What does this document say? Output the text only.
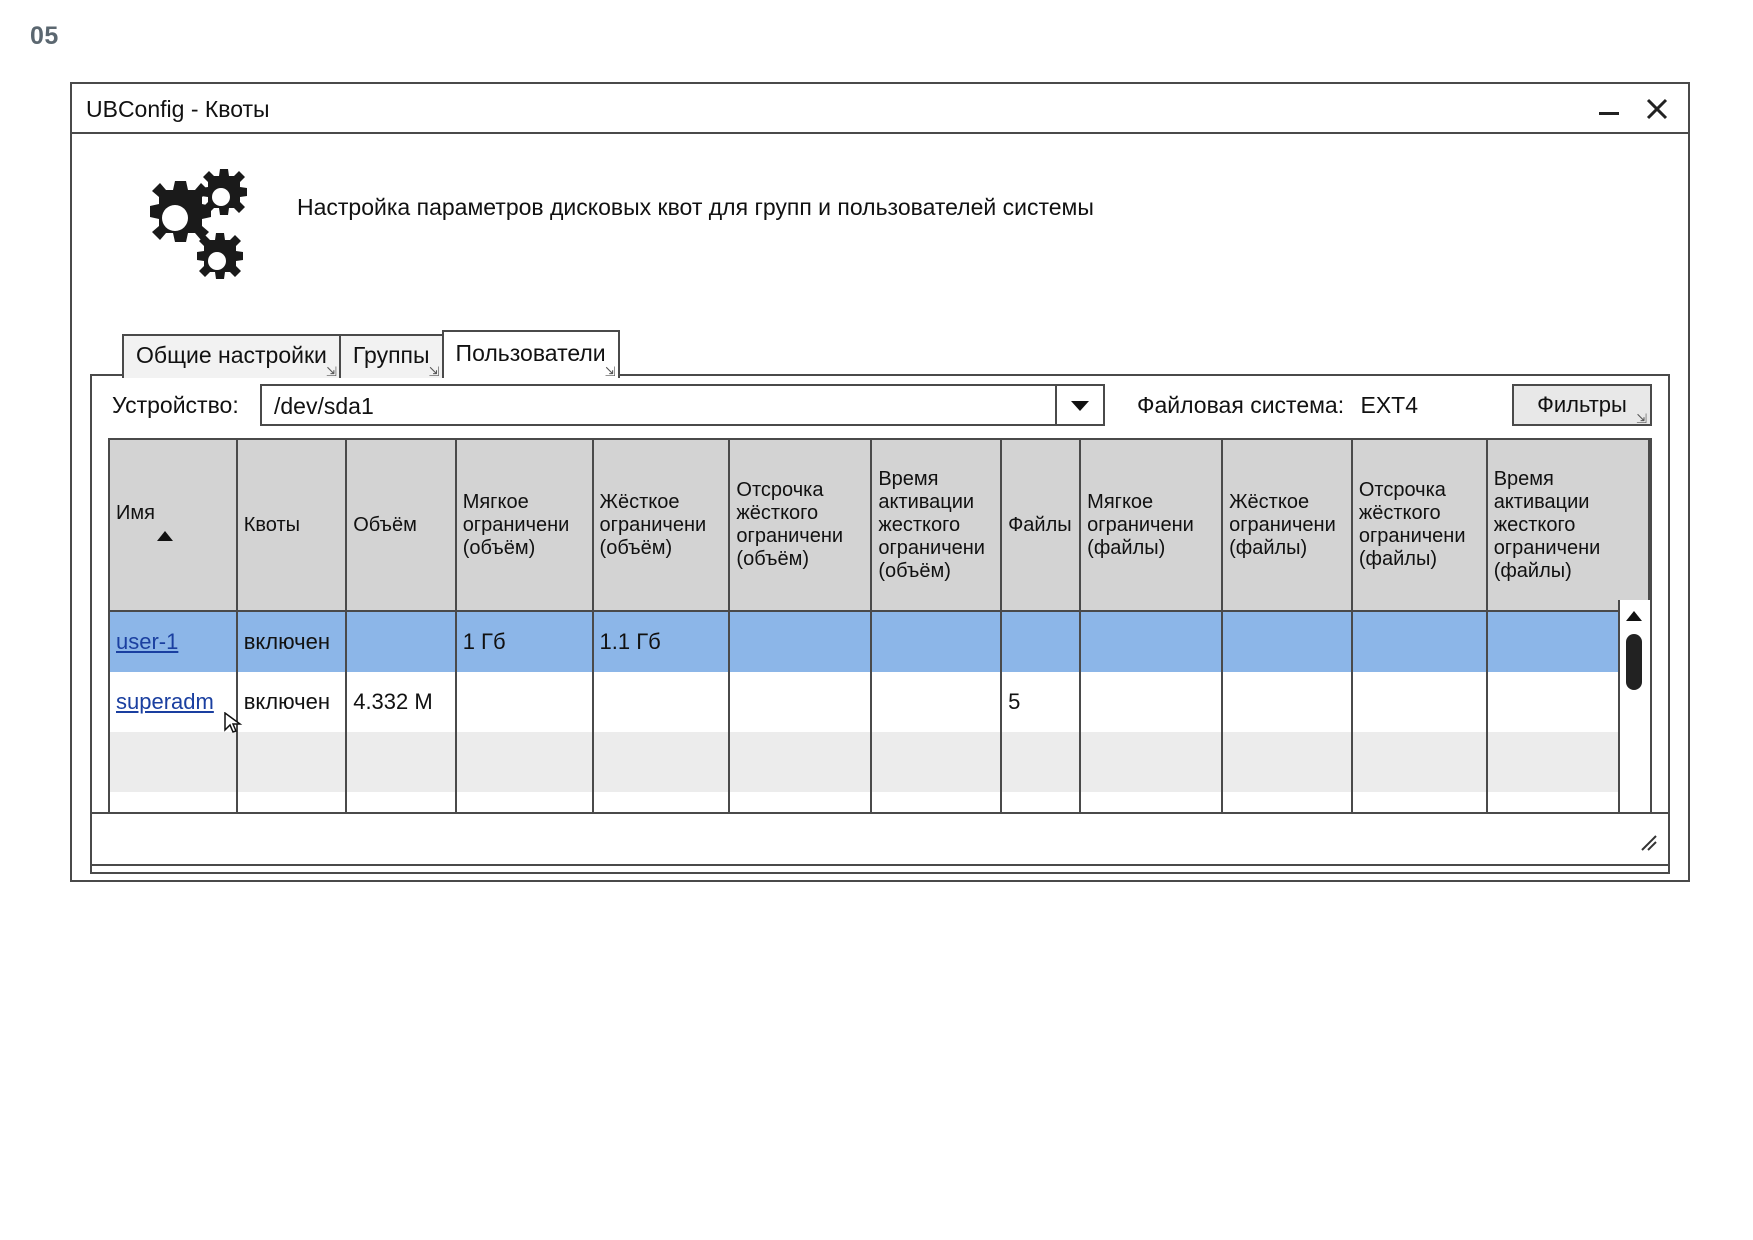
05
UBConfig - Квоты
Настройка параметров дисковых квот для групп и пользователей системы
Общие настройки
⇲
Группы
⇲
Пользователи
⇲
Устройство: /dev/sda1	Файловая система: EXT4	Фильтры
⇲
Имя	Квоты	Объём	Мягкое
ограничени
(объём)	Жёсткое
ограничени
(объём)	Отсрочка
жёсткого
ограничени
(объём)	Время
активации
жесткого
ограничени
(объём)	Файлы	Мягкое
ограничени
(файлы)	Жёсткое
ограничени
(файлы)	Отсрочка
жёсткого
ограничени
(файлы)	Время
активации
жесткого
ограничени
(файлы)

user-1	включен		1 Гб	1.1 Гб							
superadm	включен	4.332 М					5				
